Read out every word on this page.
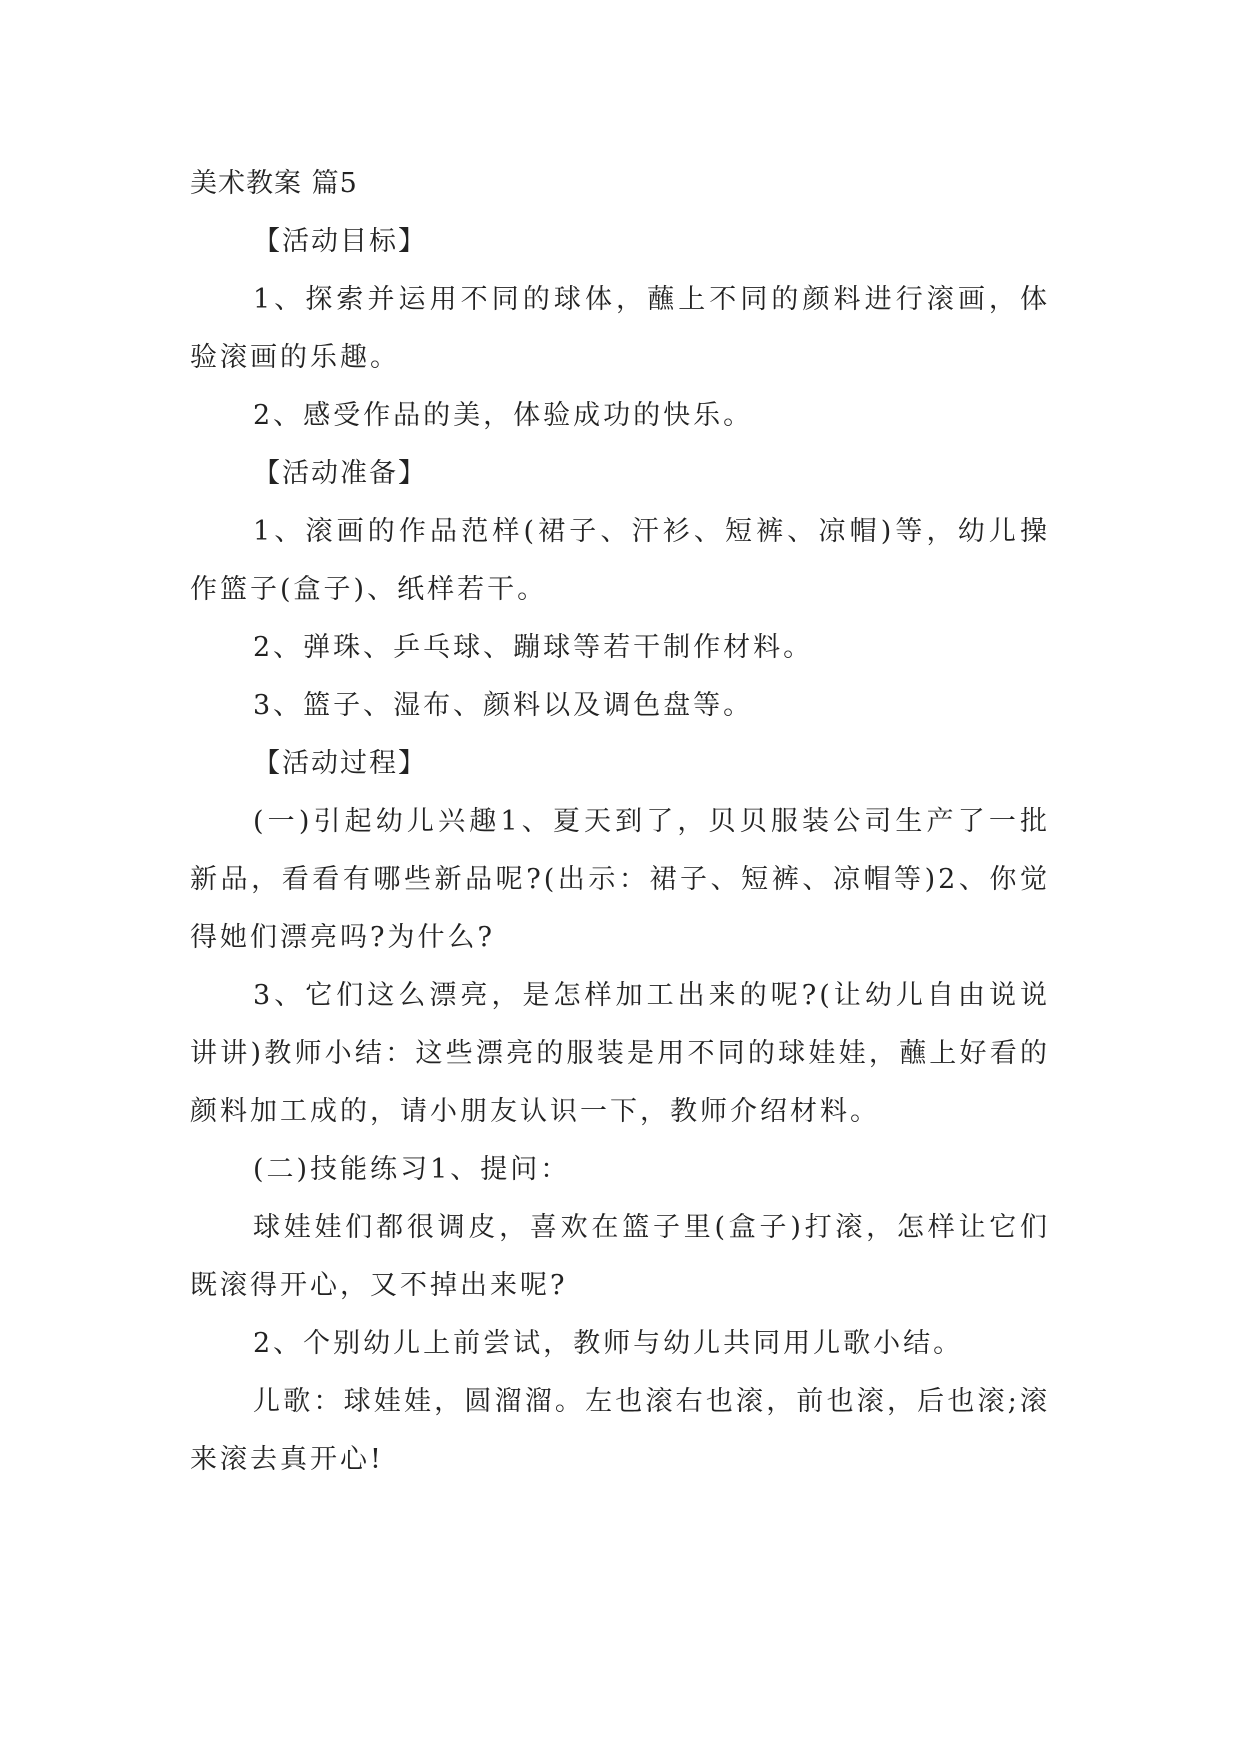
美术教案 篇5

【活动目标】

1、探索并运用不同的球体，蘸上不同的颜料进行滚画，体验滚画的乐趣。

2、感受作品的美，体验成功的快乐。

【活动准备】

1、滚画的作品范样(裙子、汗衫、短裤、凉帽)等，幼儿操作篮子(盒子)、纸样若干。

2、弹珠、乒乓球、蹦球等若干制作材料。

3、篮子、湿布、颜料以及调色盘等。

【活动过程】

(一)引起幼儿兴趣1、夏天到了，贝贝服装公司生产了一批新品，看看有哪些新品呢?(出示：裙子、短裤、凉帽等)2、你觉得她们漂亮吗?为什么?

3、它们这么漂亮，是怎样加工出来的呢?(让幼儿自由说说讲讲)教师小结：这些漂亮的服装是用不同的球娃娃，蘸上好看的颜料加工成的，请小朋友认识一下，教师介绍材料。

(二)技能练习1、提问：

球娃娃们都很调皮，喜欢在篮子里(盒子)打滚，怎样让它们既滚得开心，又不掉出来呢?

2、个别幼儿上前尝试，教师与幼儿共同用儿歌小结。

儿歌：球娃娃，圆溜溜。左也滚右也滚，前也滚，后也滚;滚来滚去真开心!
